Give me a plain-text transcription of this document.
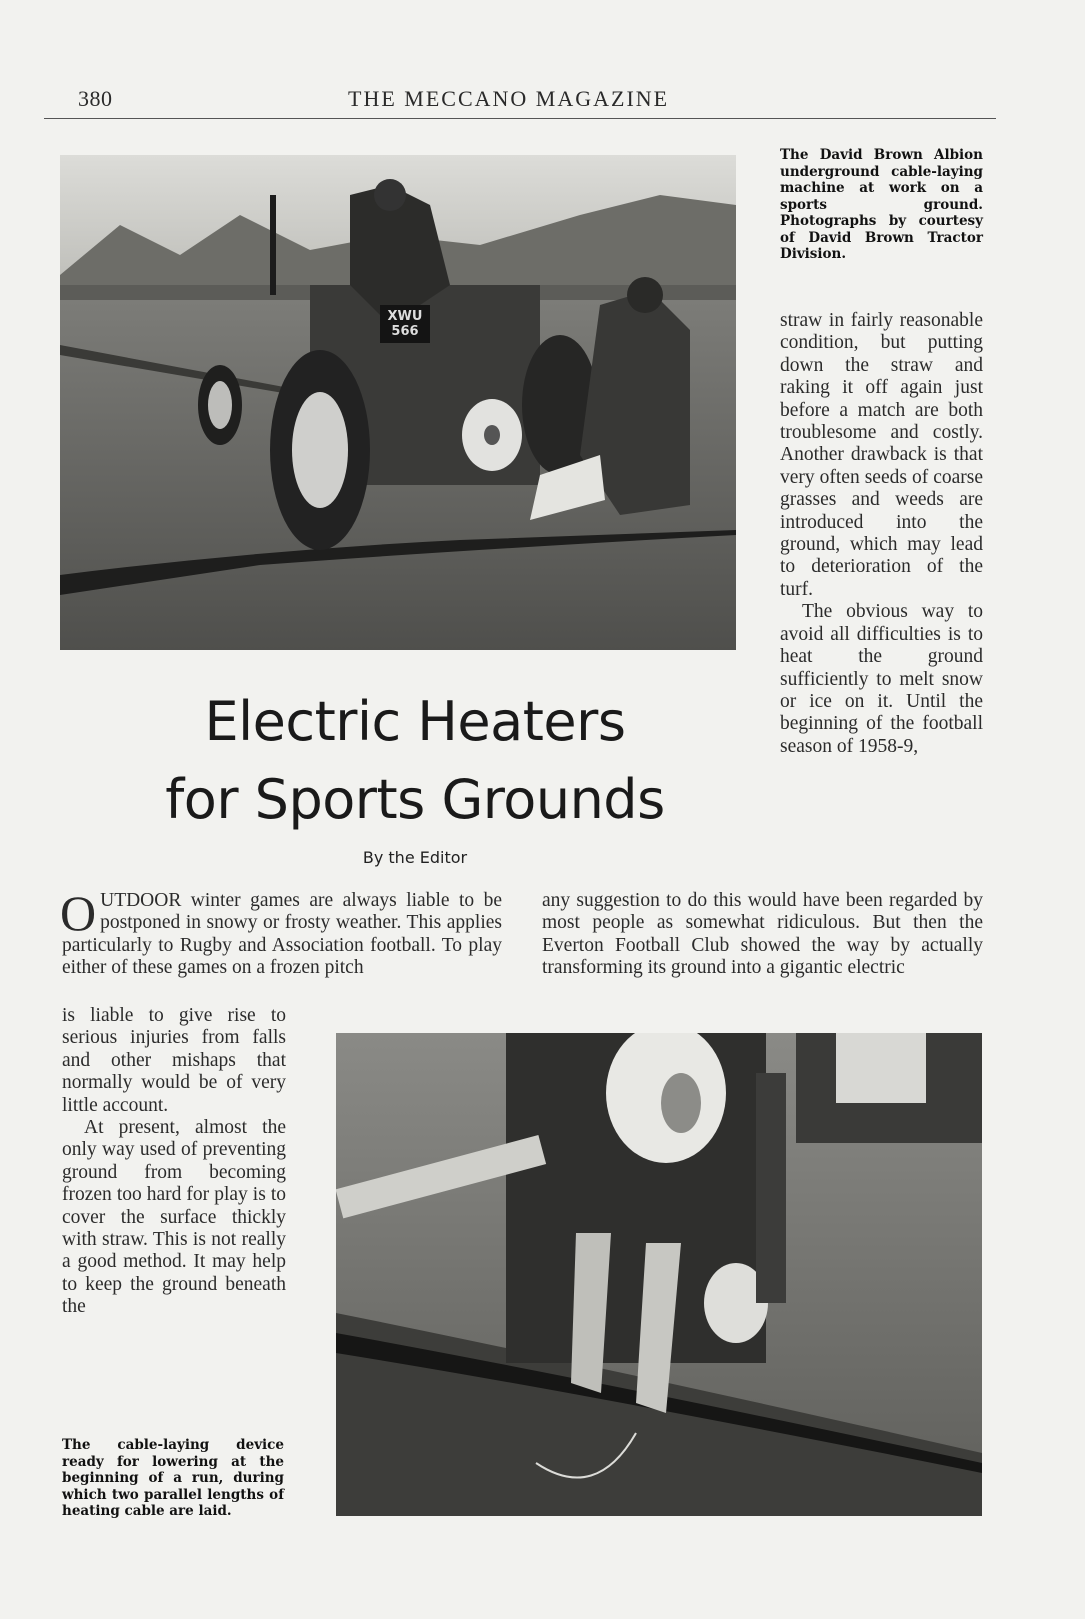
380	THE MECCANO MAGAZINE
XWU
566
The David Brown Albion underground cable-laying machine at work on a sports ground. Photographs by courtesy of David Brown Tractor Division.
Electric Heaters
for Sports Grounds
By the Editor

straw in fairly reasonable condition, but putting down the straw and raking it off again just before a match are both troublesome and costly. Another drawback is that very often seeds of coarse grasses and weeds are introduced into the ground, which may lead to deterioration of the turf.

The obvious way to avoid all difficulties is to heat the ground sufficiently to melt snow or ice on it. Until the beginning of the football season of 1958-9,

O UTDOOR winter games are always liable to be postponed in snowy or frosty weather. This applies particularly to Rugby and Association football. To play either of these games on a frozen pitch
any suggestion to do this would have been regarded by most people as somewhat ridiculous. But then the Everton Football Club showed the way by actually transforming its ground into a gigantic electric

is liable to give rise to serious injuries from falls and other mishaps that normally would be of very little account.

At present, almost the only way used of preventing ground from becoming frozen too hard for play is to cover the surface thickly with straw. This is not really a good method. It may help to keep the ground beneath the

The cable-laying device ready for lowering at the beginning of a run, during which two parallel lengths of heating cable are laid.
